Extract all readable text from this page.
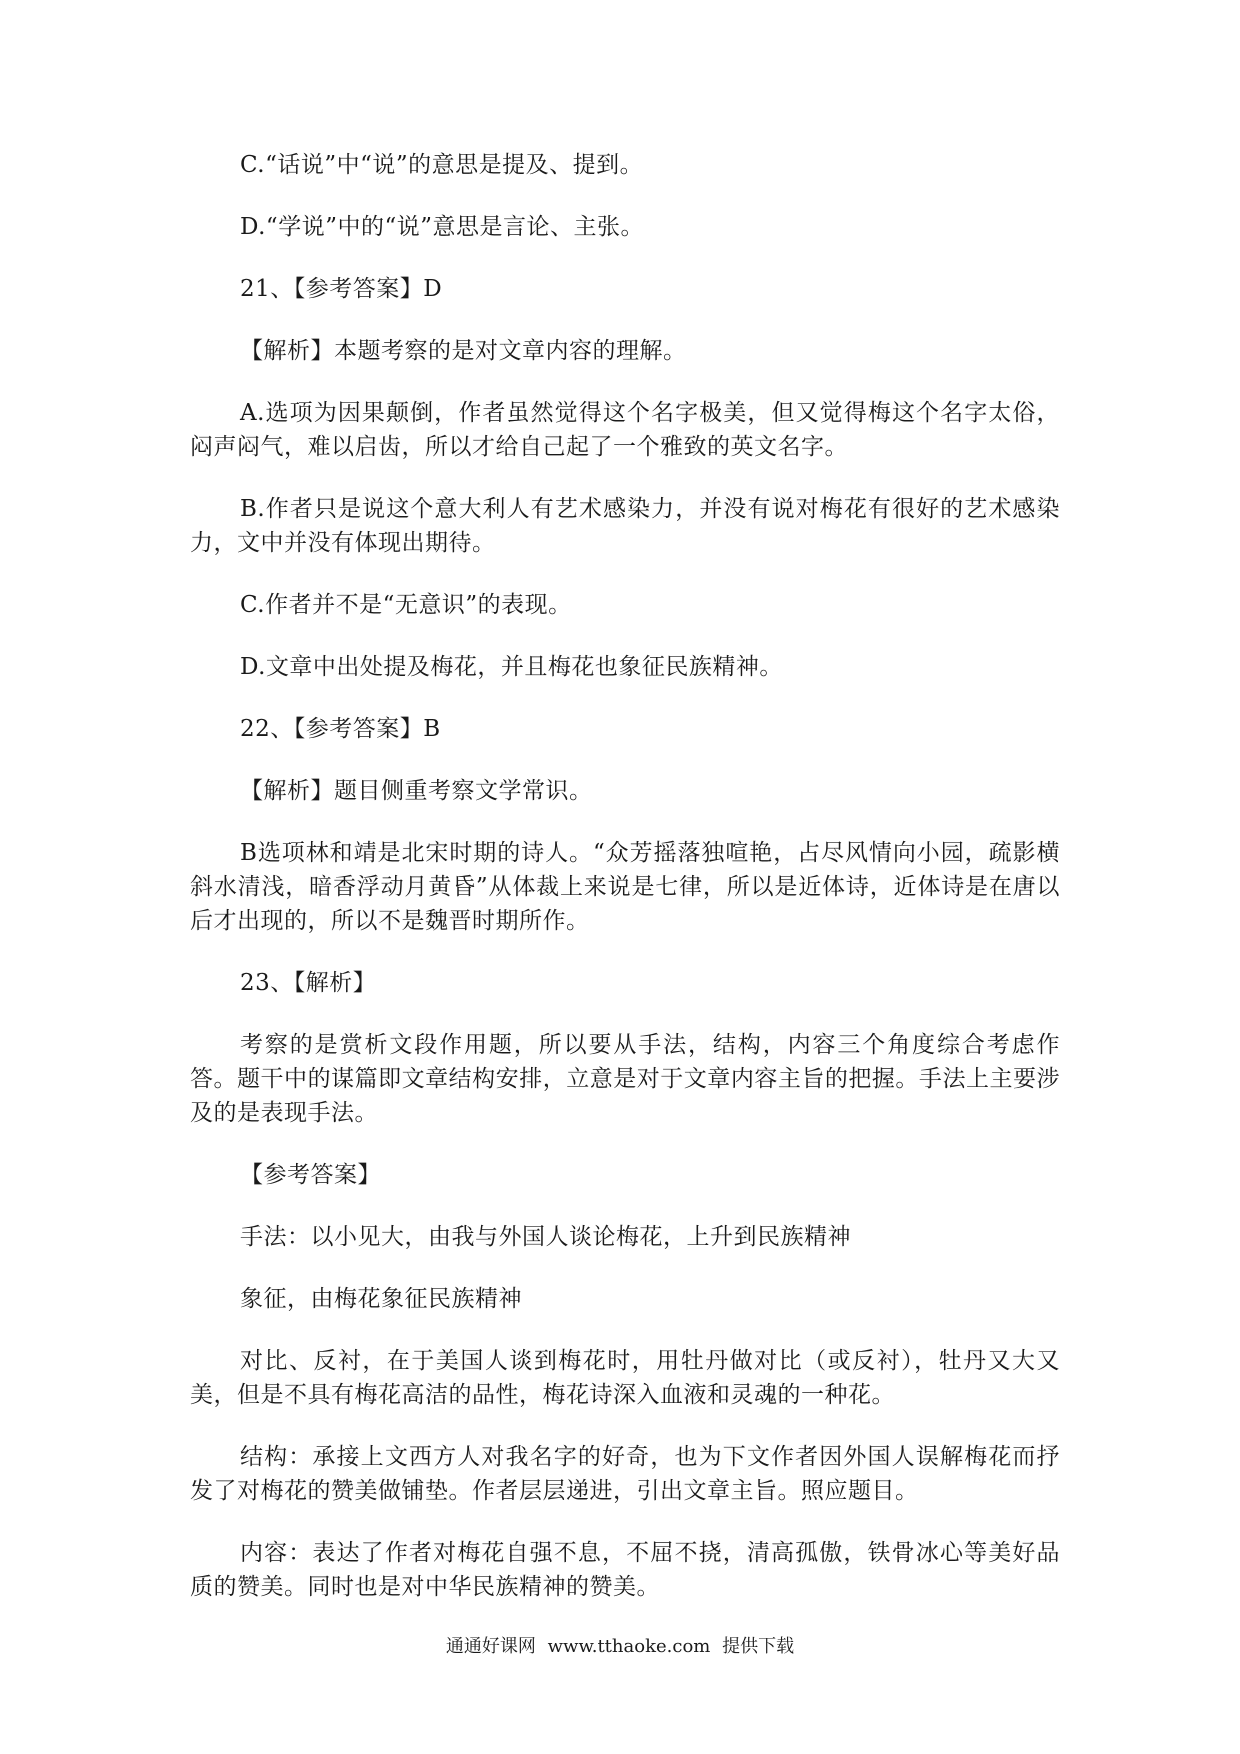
C.“话说”中“说”的意思是提及、提到。

D.“学说”中的“说”意思是言论、主张。

21、【参考答案】D

【解析】本题考察的是对文章内容的理解。

A.选项为因果颠倒，作者虽然觉得这个名字极美，但又觉得梅这个名字太俗，闷声闷气，难以启齿，所以才给自己起了一个雅致的英文名字。

B.作者只是说这个意大利人有艺术感染力，并没有说对梅花有很好的艺术感染力，文中并没有体现出期待。

C.作者并不是“无意识”的表现。

D.文章中出处提及梅花，并且梅花也象征民族精神。

22、【参考答案】B

【解析】题目侧重考察文学常识。

B选项林和靖是北宋时期的诗人。“众芳摇落独喧艳，占尽风情向小园，疏影横斜水清浅，暗香浮动月黄昏”从体裁上来说是七律，所以是近体诗，近体诗是在唐以后才出现的，所以不是魏晋时期所作。

23、【解析】

考察的是赏析文段作用题，所以要从手法，结构，内容三个角度综合考虑作答。题干中的谋篇即文章结构安排，立意是对于文章内容主旨的把握。手法上主要涉及的是表现手法。

【参考答案】

手法：以小见大，由我与外国人谈论梅花，上升到民族精神

象征，由梅花象征民族精神

对比、反衬，在于美国人谈到梅花时，用牡丹做对比（或反衬），牡丹又大又美，但是不具有梅花高洁的品性，梅花诗深入血液和灵魂的一种花。

结构：承接上文西方人对我名字的好奇，也为下文作者因外国人误解梅花而抒发了对梅花的赞美做铺垫。作者层层递进，引出文章主旨。照应题目。

内容：表达了作者对梅花自强不息，不屈不挠，清高孤傲，铁骨冰心等美好品质的赞美。同时也是对中华民族精神的赞美。

通通好课网 www.tthaoke.com 提供下载
